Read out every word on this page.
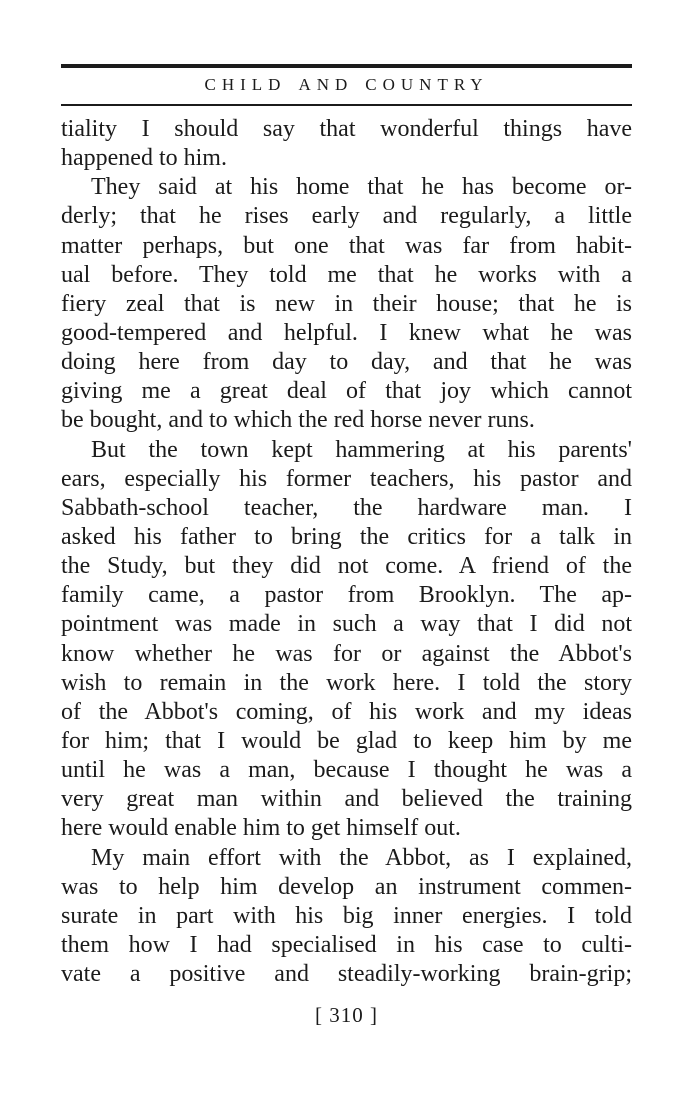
CHILD AND COUNTRY
tiality I should say that wonderful things have
happened to him.
They said at his home that he has become or-
derly; that he rises early and regularly, a little
matter perhaps, but one that was far from habit-
ual before. They told me that he works with a
fiery zeal that is new in their house; that he is
good-tempered and helpful. I knew what he was
doing here from day to day, and that he was
giving me a great deal of that joy which cannot
be bought, and to which the red horse never runs.
But the town kept hammering at his parents'
ears, especially his former teachers, his pastor and
Sabbath-school teacher, the hardware man. I
asked his father to bring the critics for a talk in
the Study, but they did not come. A friend of the
family came, a pastor from Brooklyn. The ap-
pointment was made in such a way that I did not
know whether he was for or against the Abbot's
wish to remain in the work here. I told the story
of the Abbot's coming, of his work and my ideas
for him; that I would be glad to keep him by me
until he was a man, because I thought he was a
very great man within and believed the training
here would enable him to get himself out.
My main effort with the Abbot, as I explained,
was to help him develop an instrument commen-
surate in part with his big inner energies. I told
them how I had specialised in his case to culti-
vate a positive and steadily-working brain-grip;
[ 310 ]
